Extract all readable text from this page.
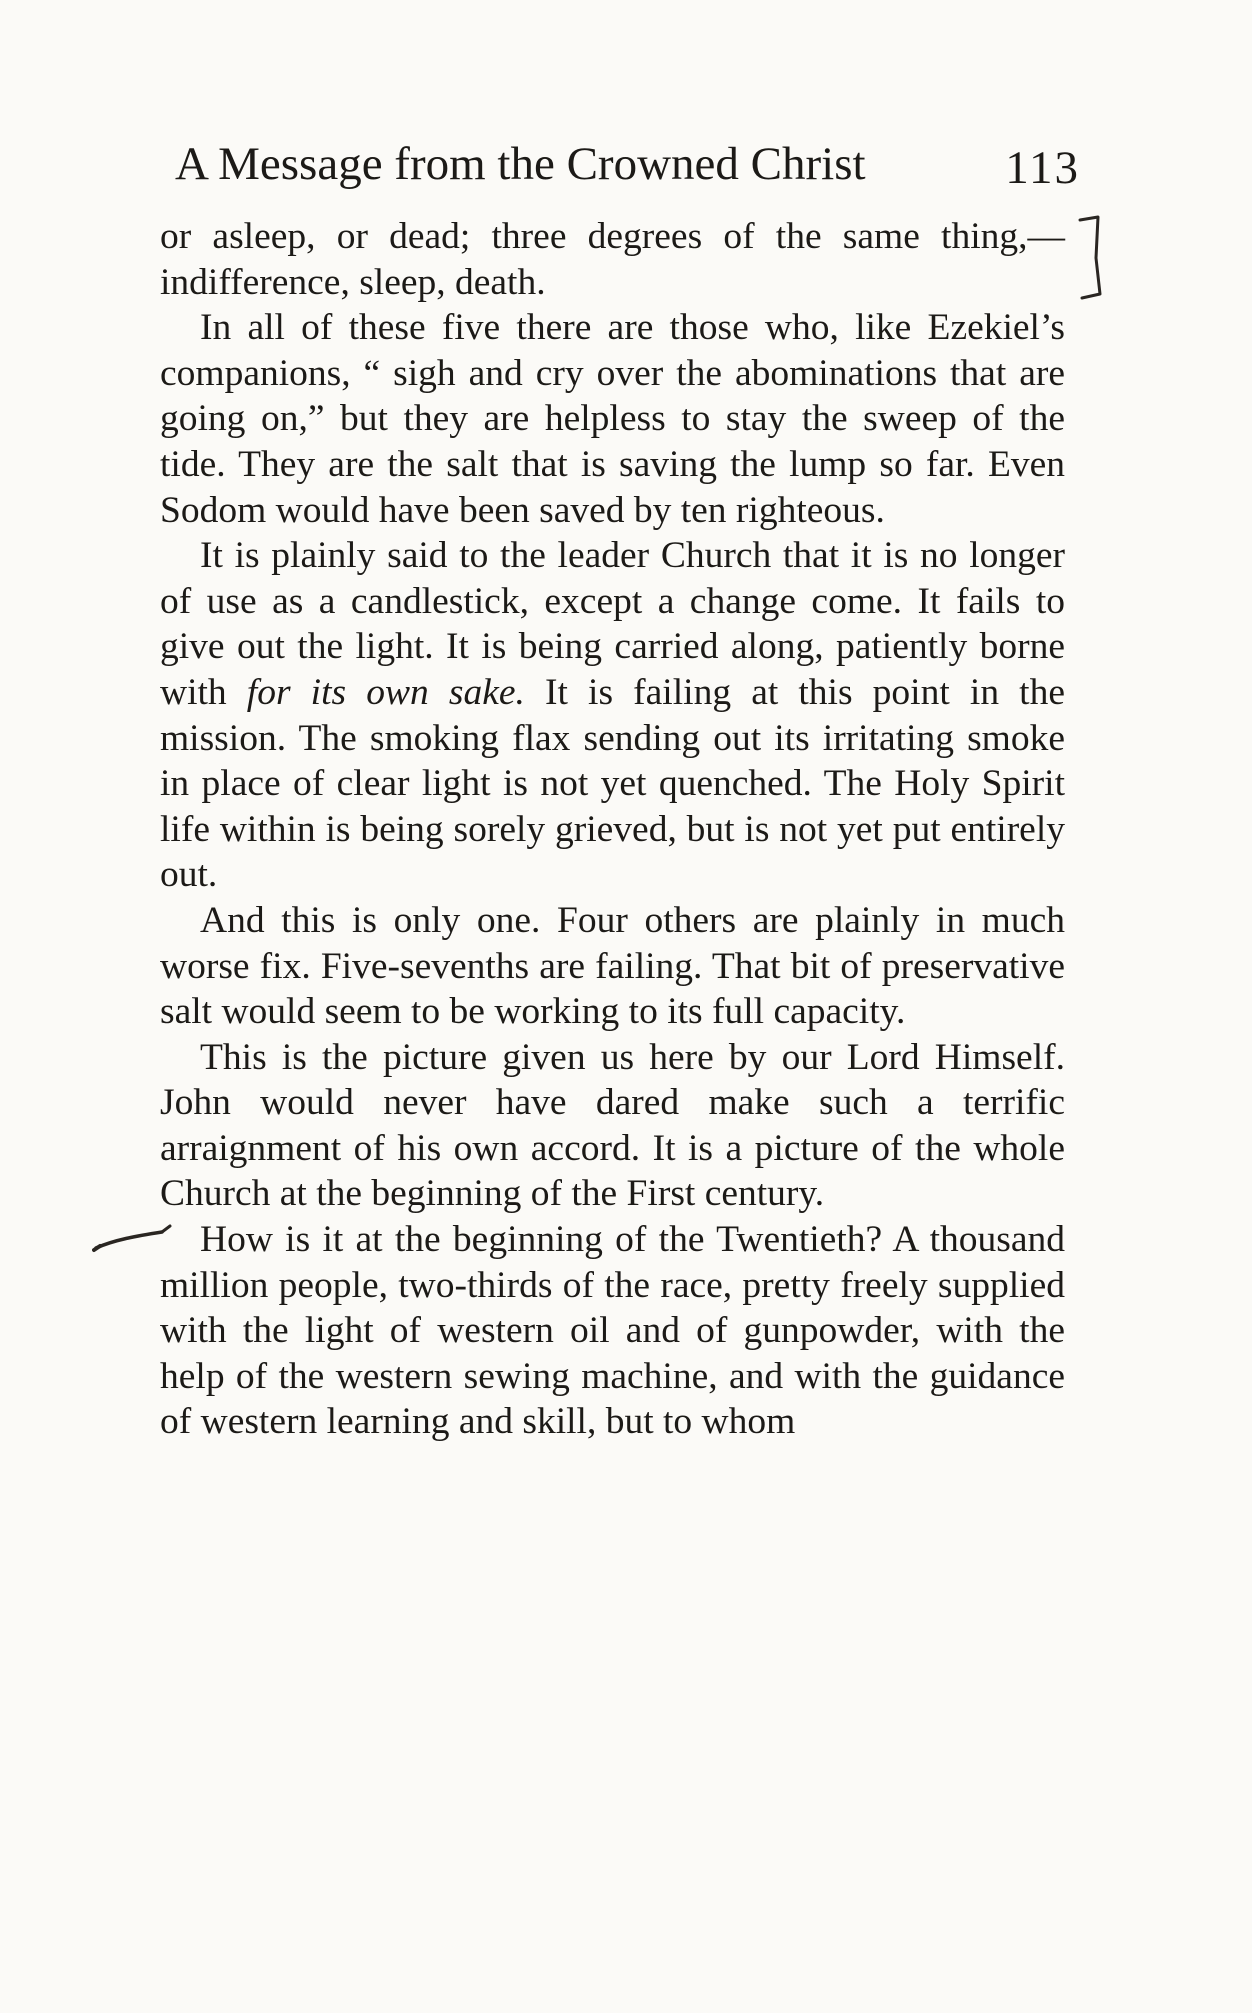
A Message from the Crowned Christ	113

or asleep, or dead; three degrees of the same thing,—indifference, sleep, death.

In all of these five there are those who, like Ezekiel’s companions, “ sigh and cry over the abominations that are going on,” but they are helpless to stay the sweep of the tide. They are the salt that is saving the lump so far. Even Sodom would have been saved by ten righteous.

It is plainly said to the leader Church that it is no longer of use as a candlestick, except a change come. It fails to give out the light. It is being carried along, patiently borne with for its own sake. It is failing at this point in the mission. The smoking flax sending out its irritating smoke in place of clear light is not yet quenched. The Holy Spirit life within is being sorely grieved, but is not yet put entirely out.

And this is only one. Four others are plainly in much worse fix. Five-sevenths are failing. That bit of preservative salt would seem to be working to its full capacity.

This is the picture given us here by our Lord Himself. John would never have dared make such a terrific arraignment of his own accord. It is a picture of the whole Church at the beginning of the First century.

How is it at the beginning of the Twentieth? A thousand million people, two-thirds of the race, pretty freely supplied with the light of western oil and of gunpowder, with the help of the western sewing machine, and with the guidance of western learning and skill, but to whom
